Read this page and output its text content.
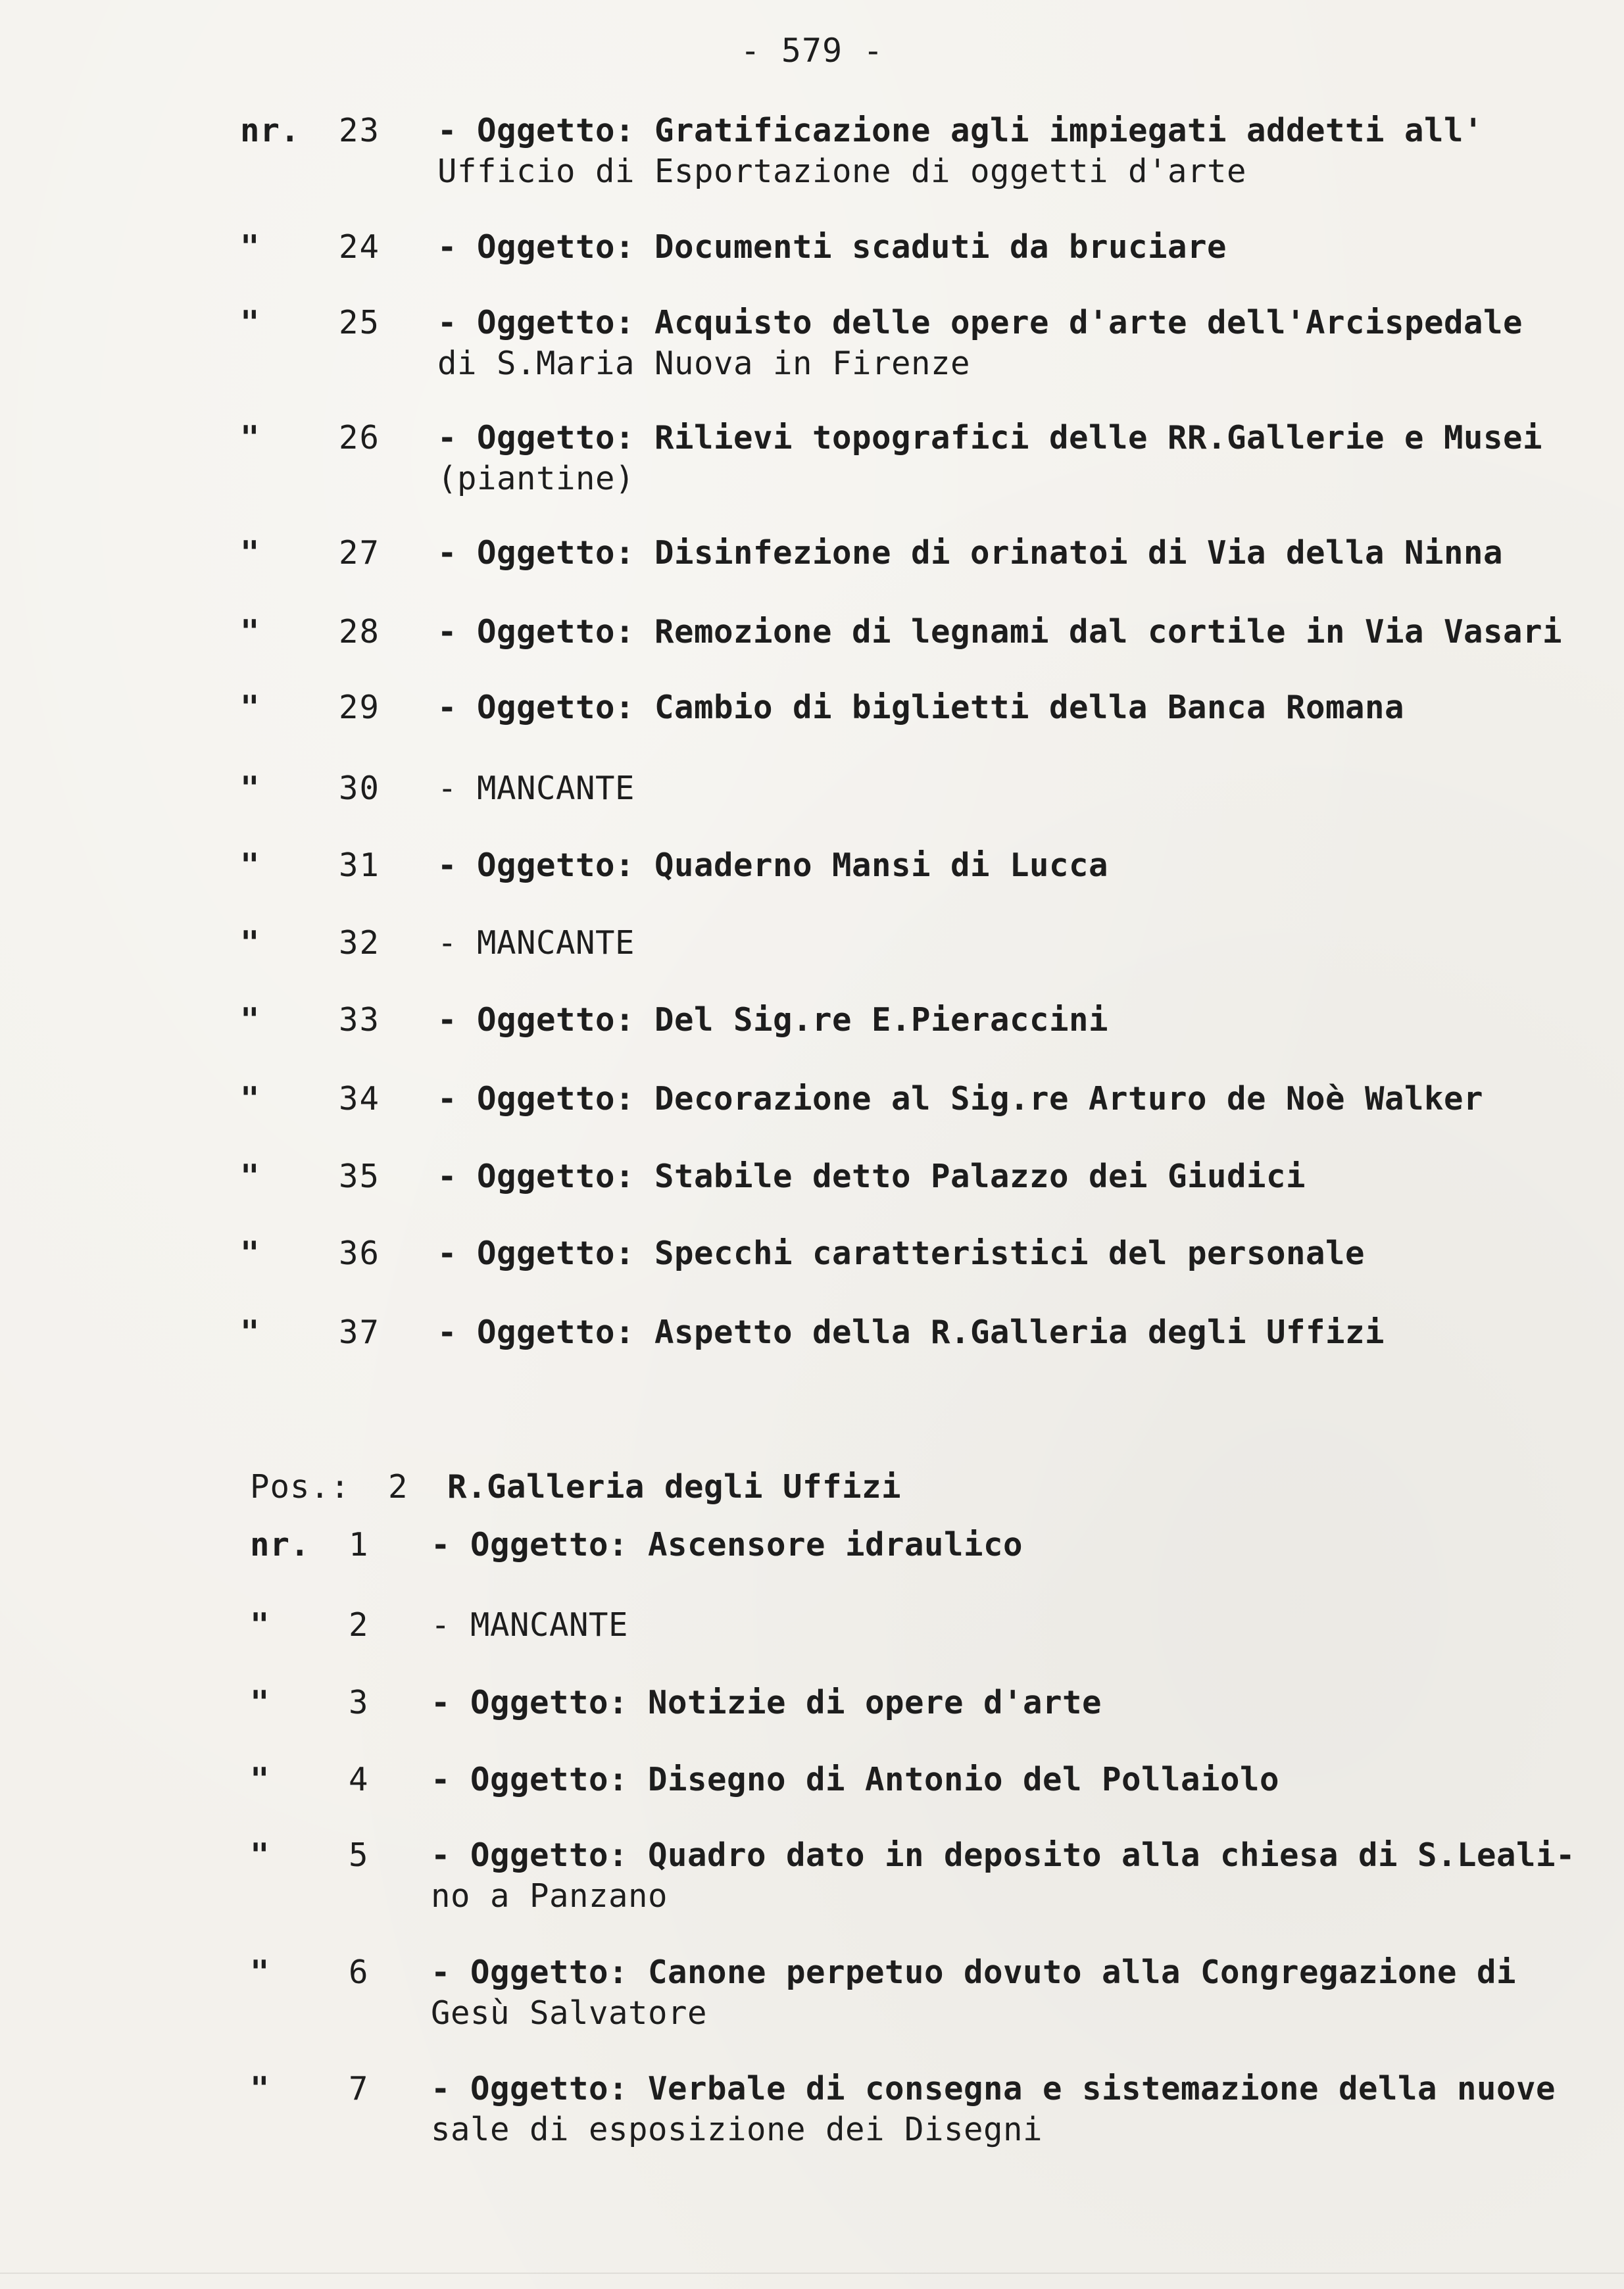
- 579 -
nr. 23 - Oggetto: Gratificazione agli impiegati addetti all'
Ufficio di Esportazione di oggetti d'arte
" 24 - Oggetto: Documenti scaduti da bruciare
" 25 - Oggetto: Acquisto delle opere d'arte dell'Arcispedale
di S.Maria Nuova in Firenze
" 26 - Oggetto: Rilievi topografici delle RR.Gallerie e Musei
(piantine)
" 27 - Oggetto: Disinfezione di orinatoi di Via della Ninna
" 28 - Oggetto: Remozione di legnami dal cortile in Via Vasari
" 29 - Oggetto: Cambio di biglietti della Banca Romana
" 30 - MANCANTE
" 31 - Oggetto: Quaderno Mansi di Lucca
" 32 - MANCANTE
" 33 - Oggetto: Del Sig.re E.Pieraccini
" 34 - Oggetto: Decorazione al Sig.re Arturo de Noè Walker
" 35 - Oggetto: Stabile detto Palazzo dei Giudici
" 36 - Oggetto: Specchi caratteristici del personale
" 37 - Oggetto: Aspetto della R.Galleria degli Uffizi
Pos.: 2 R.Galleria degli Uffizi
nr. 1 - Oggetto: Ascensore idraulico
" 2 - MANCANTE
" 3 - Oggetto: Notizie di opere d'arte
" 4 - Oggetto: Disegno di Antonio del Pollaiolo
" 5 - Oggetto: Quadro dato in deposito alla chiesa di S.Leali-
no a Panzano
" 6 - Oggetto: Canone perpetuo dovuto alla Congregazione di
Gesù Salvatore
" 7 - Oggetto: Verbale di consegna e sistemazione della nuove
sale di esposizione dei Disegni
